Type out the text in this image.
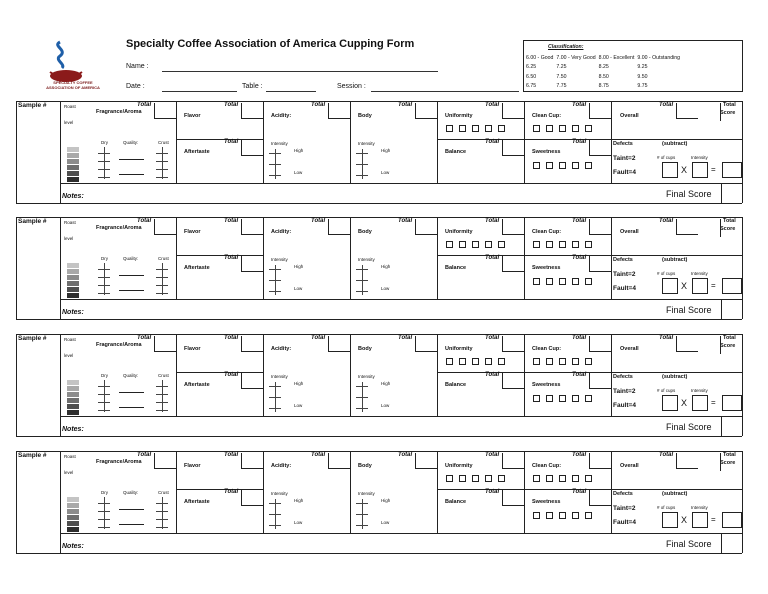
SPECIALTY COFFEE ASSOCIATION OF AMERICA
Specialty Coffee Association of America Cupping Form
Name :
Date :	Table :	Session :
Classification:
6.00 - Good	7.00 - Very Good	8.00 - Excellent	9.00 - Outstanding
6.25	7.25	8.25	9.25
6.50	7.50	8.50	9.50
6.75	7.75	8.75	9.75
Sample #	Roast
level
Fragrance/Aroma
Total
Dry	Quality:	Crust
Flavor
Total
Aftertaste
Total
Acidity:
Total
Intensity
High
Low
Body
Total
Intensity
High
Low
Uniformity
Total
Balance
Total
Clean Cup:
Total
Sweetness
Total
Overall
Total	Total
Score
Defects	(subtract)
Taint=2
Fault=4
# of cups	Intensity
X	=
Notes:	Final Score
Sample #	Roast
level
Fragrance/Aroma
Total
Dry	Quality:	Crust
Flavor
Total
Aftertaste
Total
Acidity:
Total
Intensity
High
Low
Body
Total
Intensity
High
Low
Uniformity
Total
Balance
Total
Clean Cup:
Total
Sweetness
Total
Overall
Total	Total
Score
Defects	(subtract)
Taint=2
Fault=4
# of cups	Intensity
X	=
Notes:	Final Score
Sample #	Roast
level
Fragrance/Aroma
Total
Dry	Quality:	Crust
Flavor
Total
Aftertaste
Total
Acidity:
Total
Intensity
High
Low
Body
Total
Intensity
High
Low
Uniformity
Total
Balance
Total
Clean Cup:
Total
Sweetness
Total
Overall
Total	Total
Score
Defects	(subtract)
Taint=2
Fault=4
# of cups	Intensity
X	=
Notes:	Final Score
Sample #	Roast
level
Fragrance/Aroma
Total
Dry	Quality:	Crust
Flavor
Total
Aftertaste
Total
Acidity:
Total
Intensity
High
Low
Body
Total
Intensity
High
Low
Uniformity
Total
Balance
Total
Clean Cup:
Total
Sweetness
Total
Overall
Total	Total
Score
Defects	(subtract)
Taint=2
Fault=4
# of cups	Intensity
X	=
Notes:	Final Score
